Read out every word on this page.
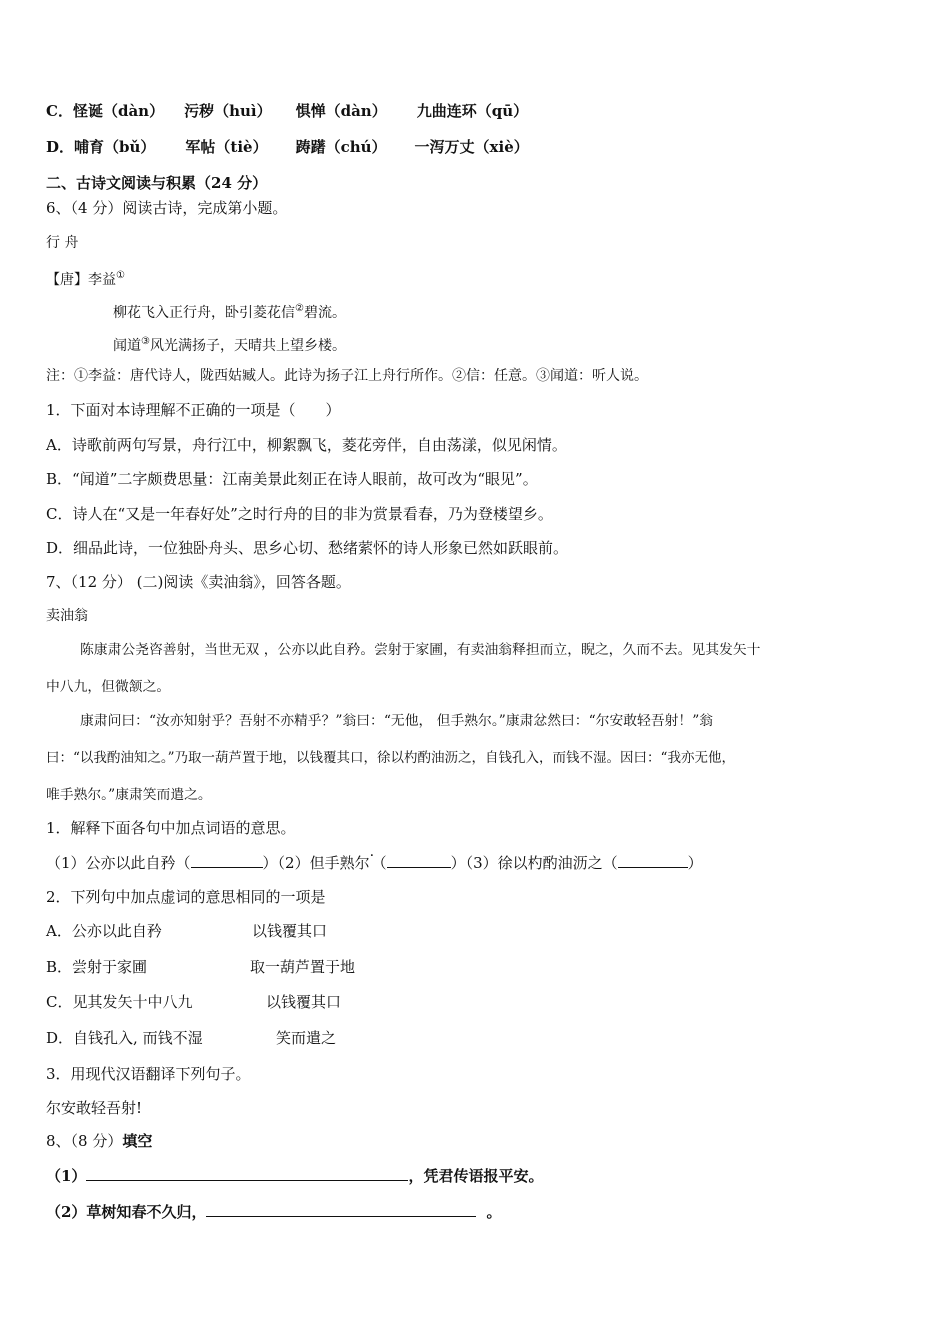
C．怪诞（dàn） 污秽（huì） 惧惮（dàn） 九曲连环（qū）
D．哺育（bǔ） 军帖（tiè） 踌躇（chú） 一泻万丈（xiè）
二、古诗文阅读与积累（24 分）
6、（4 分）阅读古诗，完成第小题。
行 舟
【唐】李益①
柳花飞入正行舟，卧引菱花信②碧流。
闻道③风光满扬子，天晴共上望乡楼。
注：①李益：唐代诗人，陇西姑臧人。此诗为扬子江上舟行所作。②信：任意。③闻道：听人说。
1．下面对本诗理解不正确的一项是（　　）
A．诗歌前两句写景，舟行江中，柳絮飘飞，菱花旁伴，自由荡漾，似见闲情。
B．“闻道”二字颇费思量：江南美景此刻正在诗人眼前，故可改为“眼见”。
C．诗人在“又是一年春好处”之时行舟的目的非为赏景看春，乃为登楼望乡。
D．细品此诗，一位独卧舟头、思乡心切、愁绪萦怀的诗人形象已然如跃眼前。
7、（12 分） (二)阅读《卖油翁》，回答各题。
卖油翁
陈康肃公尧咨善射，当世无双 ，公亦以此自矜。尝射于家圃，有卖油翁释担而立，睨之，久而不去。见其发矢十
中八九，但微颔之。
康肃问曰：“汝亦知射乎？吾射不亦精乎？”翁曰：“无他， 但手熟尔。”康肃忿然曰：“尔安敢轻吾射！”翁
曰：“以我酌油知之。”乃取一葫芦置于地，以钱覆其口，徐以杓酌油沥之，自钱孔入，而钱不湿。因曰：“我亦无他，
唯手熟尔。”康肃笑而遣之。
1．解释下面各句中加点词语的意思。
（1）公亦以此自矜（	）（2）但手熟尔 （	）（3）徐以杓酌油沥之（	）
2．下列句中加点虚词的意思相同的一项是
A．公亦以此自矜	以钱覆其口
B．尝射于家圃	取一葫芦置于地
C．见其发矢十中八九	以钱覆其口
D．自钱孔入, 而钱不湿	笑而遣之
3．用现代汉语翻译下列句子。
尔安敢轻吾射!
8、（8 分）填空
（1）	，凭君传语报平安。
（2）草树知春不久归，	。
